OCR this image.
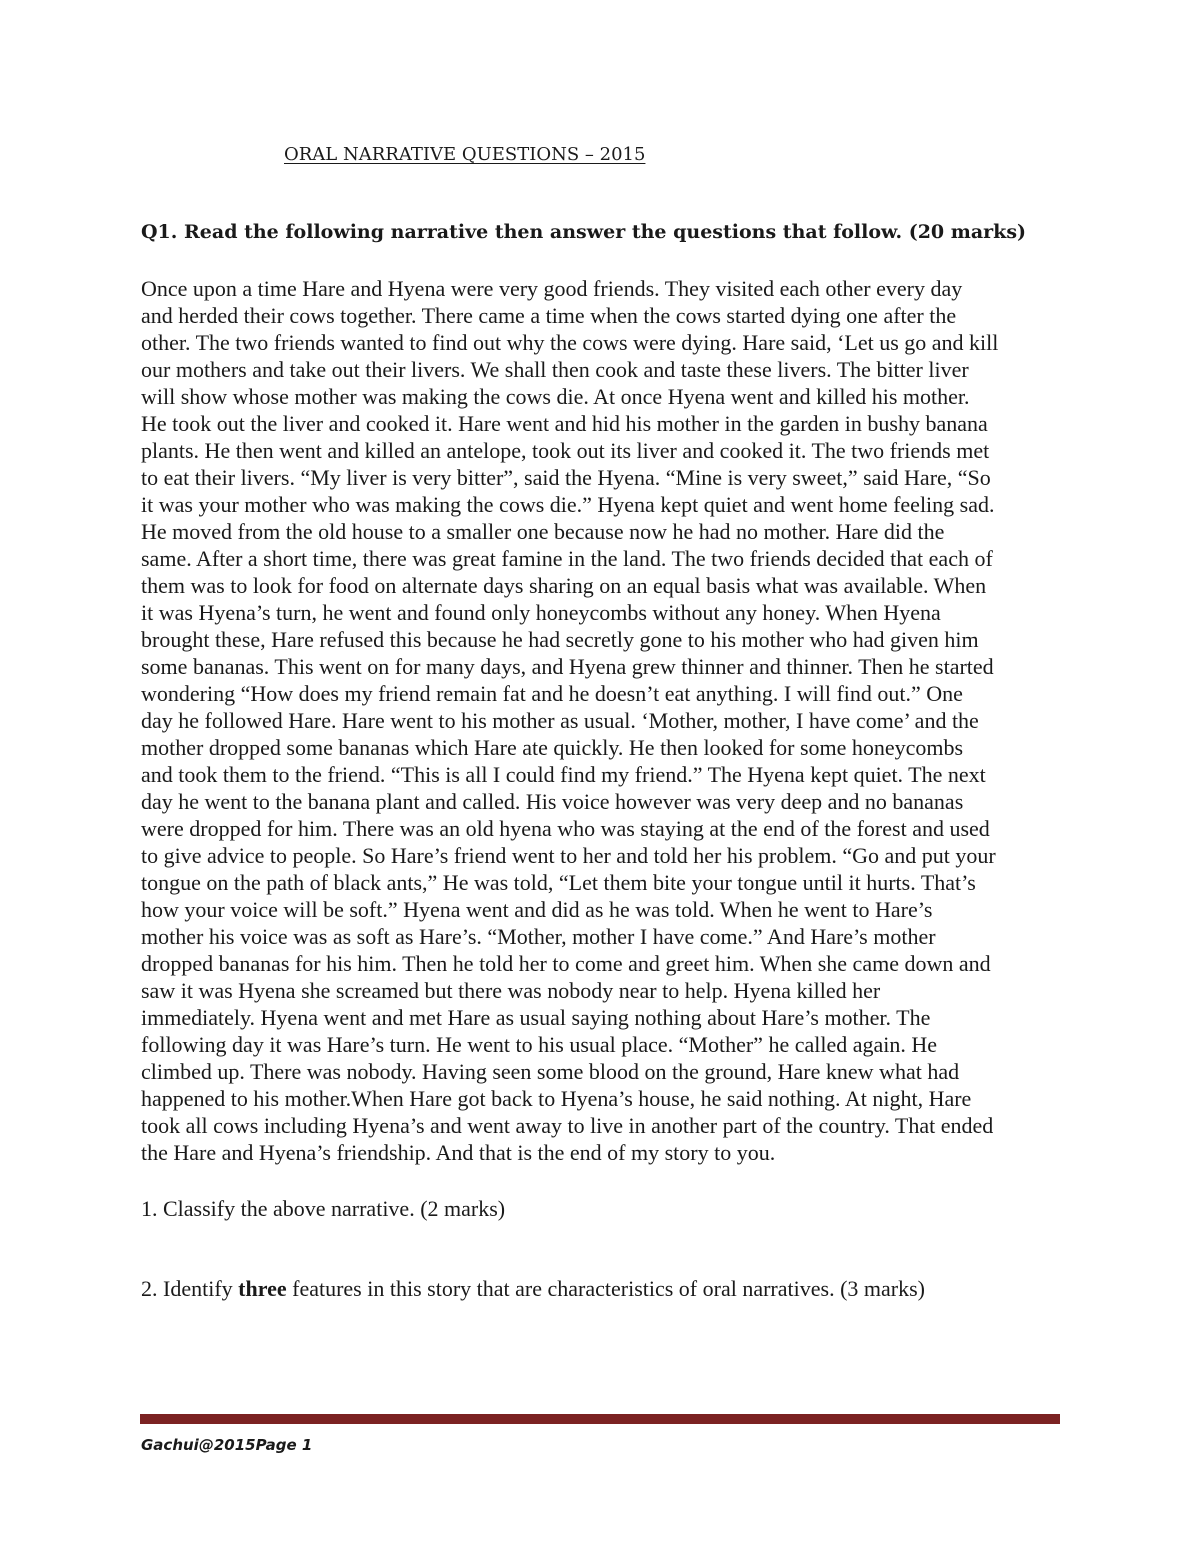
ORAL NARRATIVE QUESTIONS – 2015
Q1. Read the following narrative then answer the questions that follow. (20 marks)
Once upon a time Hare and Hyena were very good friends. They visited each other every day
and herded their cows together. There came a time when the cows started dying one after the
other. The two friends wanted to find out why the cows were dying. Hare said, ‘Let us go and kill
our mothers and take out their livers. We shall then cook and taste these livers. The bitter liver
will show whose mother was making the cows die. At once Hyena went and killed his mother.
He took out the liver and cooked it. Hare went and hid his mother in the garden in bushy banana
plants. He then went and killed an antelope, took out its liver and cooked it. The two friends met
to eat their livers. “My liver is very bitter”, said the Hyena. “Mine is very sweet,” said Hare, “So
it was your mother who was making the cows die.” Hyena kept quiet and went home feeling sad.
He moved from the old house to a smaller one because now he had no mother. Hare did the
same. After a short time, there was great famine in the land. The two friends decided that each of
them was to look for food on alternate days sharing on an equal basis what was available. When
it was Hyena’s turn, he went and found only honeycombs without any honey. When Hyena
brought these, Hare refused this because he had secretly gone to his mother who had given him
some bananas. This went on for many days, and Hyena grew thinner and thinner. Then he started
wondering “How does my friend remain fat and he doesn’t eat anything. I will find out.” One
day he followed Hare. Hare went to his mother as usual. ‘Mother, mother, I have come’ and the
mother dropped some bananas which Hare ate quickly. He then looked for some honeycombs
and took them to the friend. “This is all I could find my friend.” The Hyena kept quiet. The next
day he went to the banana plant and called. His voice however was very deep and no bananas
were dropped for him. There was an old hyena who was staying at the end of the forest and used
to give advice to people. So Hare’s friend went to her and told her his problem. “Go and put your
tongue on the path of black ants,” He was told, “Let them bite your tongue until it hurts. That’s
how your voice will be soft.” Hyena went and did as he was told. When he went to Hare’s
mother his voice was as soft as Hare’s. “Mother, mother I have come.” And Hare’s mother
dropped bananas for his him. Then he told her to come and greet him. When she came down and
saw it was Hyena she screamed but there was nobody near to help. Hyena killed her
immediately. Hyena went and met Hare as usual saying nothing about Hare’s mother. The
following day it was Hare’s turn. He went to his usual place. “Mother” he called again. He
climbed up. There was nobody. Having seen some blood on the ground, Hare knew what had
happened to his mother.When Hare got back to Hyena’s house, he said nothing. At night, Hare
took all cows including Hyena’s and went away to live in another part of the country. That ended
the Hare and Hyena’s friendship. And that is the end of my story to you.

1. Classify the above narrative. (2 marks)

2. Identify three features in this story that are characteristics of oral narratives. (3 marks)

Gachui@2015Page 1
